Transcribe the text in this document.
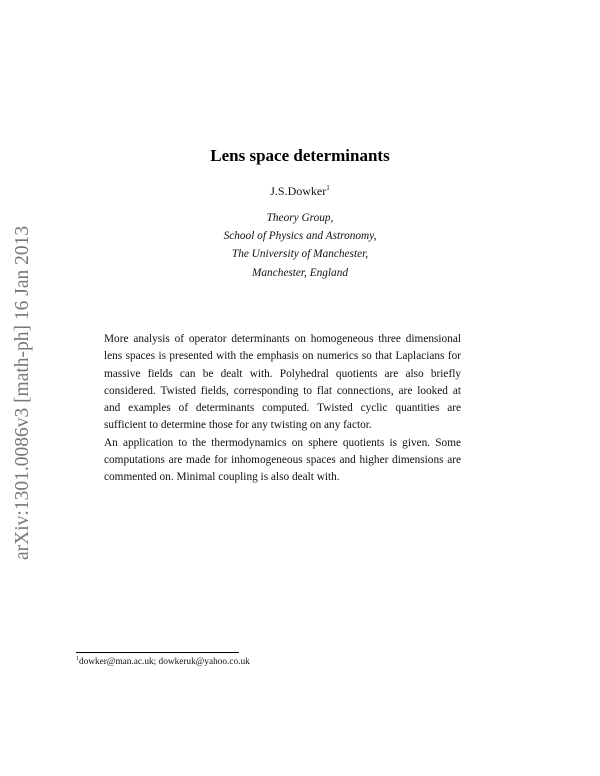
arXiv:1301.0086v3 [math-ph] 16 Jan 2013
Lens space determinants
J.S.Dowker$^1$
Theory Group,
School of Physics and Astronomy,
The University of Manchester,
Manchester, England

More analysis of operator determinants on homogeneous three dimensional lens spaces is presented with the emphasis on numerics so that Laplacians for massive fields can be dealt with. Polyhedral quotients are also briefly considered. Twisted fields, corresponding to flat connections, are looked at and examples of determinants computed. Twisted cyclic quantities are sufficient to determine those for any twisting on any factor.

An application to the thermodynamics on sphere quotients is given. Some computations are made for inhomogeneous spaces and higher dimensions are commented on. Minimal coupling is also dealt with.

$^1$dowker@man.ac.uk; dowkeruk@yahoo.co.uk
